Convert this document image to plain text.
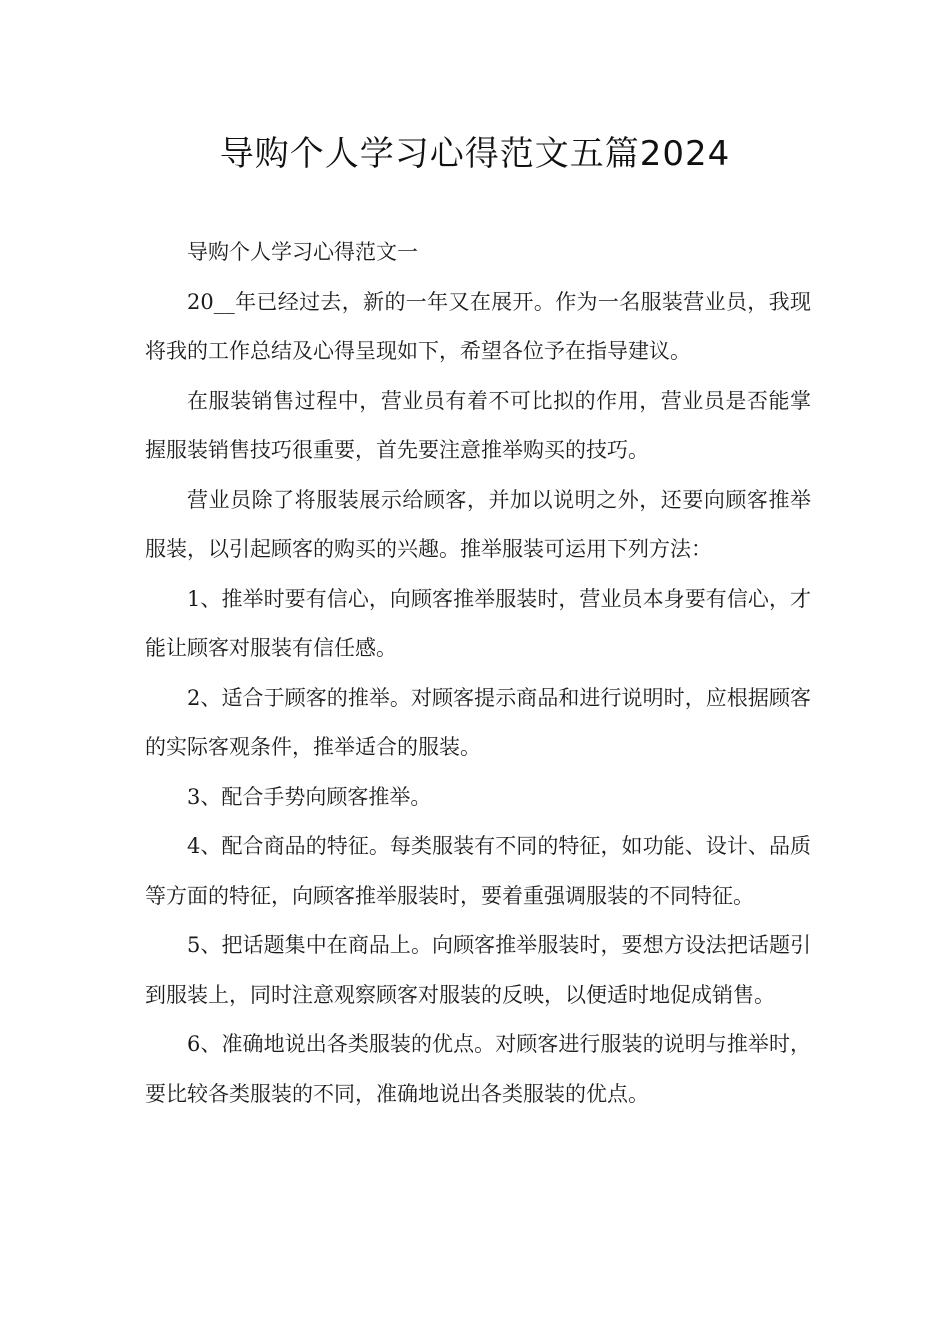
导购个人学习心得范文五篇2024

导购个人学习心得范文一

20__年已经过去，新的一年又在展开。作为一名服装营业员，我现将我的工作总结及心得呈现如下，希望各位予在指导建议。

在服装销售过程中，营业员有着不可比拟的作用，营业员是否能掌握服装销售技巧很重要，首先要注意推举购买的技巧。

营业员除了将服装展示给顾客，并加以说明之外，还要向顾客推举服装，以引起顾客的购买的兴趣。推举服装可运用下列方法：

1、推举时要有信心，向顾客推举服装时，营业员本身要有信心，才能让顾客对服装有信任感。

2、适合于顾客的推举。对顾客提示商品和进行说明时，应根据顾客的实际客观条件，推举适合的服装。

3、配合手势向顾客推举。

4、配合商品的特征。每类服装有不同的特征，如功能、设计、品质等方面的特征，向顾客推举服装时，要着重强调服装的不同特征。

5、把话题集中在商品上。向顾客推举服装时，要想方设法把话题引到服装上，同时注意观察顾客对服装的反映，以便适时地促成销售。

6、准确地说出各类服装的优点。对顾客进行服装的说明与推举时，要比较各类服装的不同，准确地说出各类服装的优点。
